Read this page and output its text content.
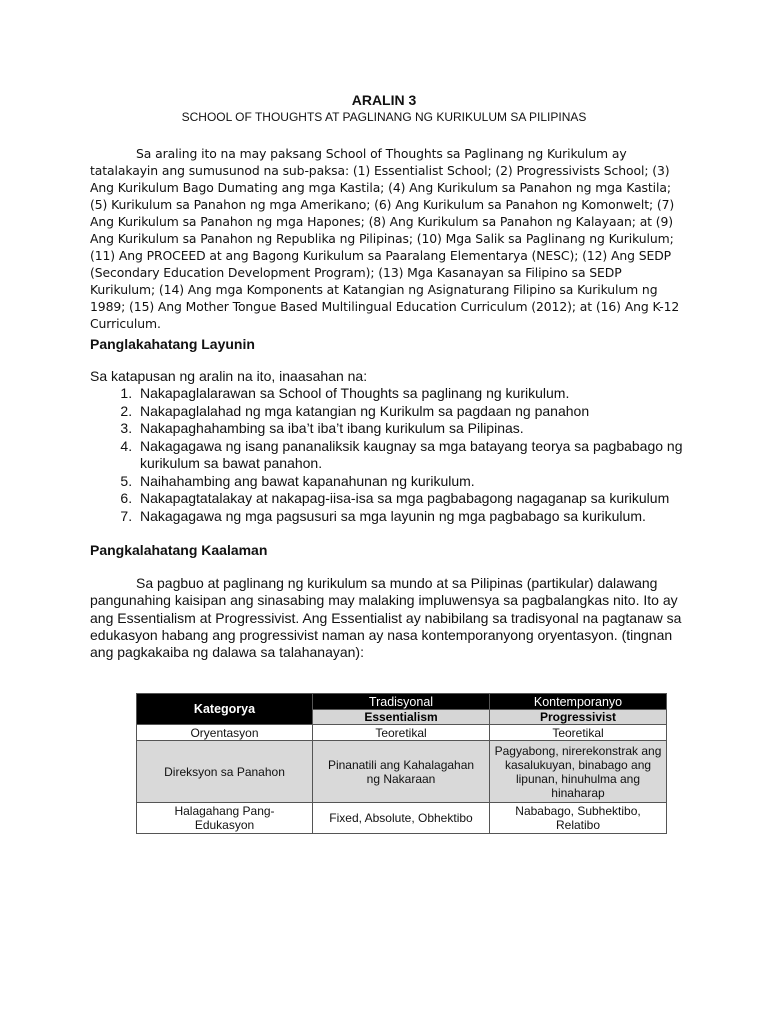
ARALIN 3
SCHOOL OF THOUGHTS AT PAGLINANG NG KURIKULUM SA PILIPINAS

Sa araling ito na may paksang School of Thoughts sa Paglinang ng Kurikulum ay tatalakayin ang sumusunod na sub-paksa: (1) Essentialist School; (2) Progressivists School; (3) Ang Kurikulum Bago Dumating ang mga Kastila; (4) Ang Kurikulum sa Panahon ng mga Kastila; (5) Kurikulum sa Panahon ng mga Amerikano; (6) Ang Kurikulum sa Panahon ng Komonwelt; (7) Ang Kurikulum sa Panahon ng mga Hapones; (8) Ang Kurikulum sa Panahon ng Kalayaan; at (9) Ang Kurikulum sa Panahon ng Republika ng Pilipinas; (10) Mga Salik sa Paglinang ng Kurikulum; (11) Ang PROCEED at ang Bagong Kurikulum sa Paaralang Elementarya (NESC); (12) Ang SEDP (Secondary Education Development Program); (13) Mga Kasanayan sa Filipino sa SEDP Kurikulum; (14) Ang mga Komponents at Katangian ng Asignaturang Filipino sa Kurikulum ng 1989; (15) Ang Mother Tongue Based Multilingual Education Curriculum (2012); at (16) Ang K-12 Curriculum.

Panglakahatang Layunin
Sa katapusan ng aralin na ito, inaasahan na:
1. Nakapaglalarawan sa School of Thoughts sa paglinang ng kurikulum.
2. Nakapaglalahad ng mga katangian ng Kurikulm sa pagdaan ng panahon
3. Nakapaghahambing sa iba’t iba’t ibang kurikulum sa Pilipinas.
4. Nakagagawa ng isang pananaliksik kaugnay sa mga batayang teorya sa pagbabago ng kurikulum sa bawat panahon.
5. Naihahambing ang bawat kapanahunan ng kurikulum.
6. Nakapagtatalakay at nakapag-iisa-isa sa mga pagbabagong nagaganap sa kurikulum
7. Nakagagawa ng mga pagsusuri sa mga layunin ng mga pagbabago sa kurikulum.
Pangkalahatang Kaalaman

Sa pagbuo at paglinang ng kurikulum sa mundo at sa Pilipinas (partikular) dalawang pangunahing kaisipan ang sinasabing may malaking impluwensya sa pagbalangkas nito. Ito ay ang Essentialism at Progressivist. Ang Essentialist ay nabibilang sa tradisyonal na pagtanaw sa edukasyon habang ang progressivist naman ay nasa kontemporanyong oryentasyon. (tingnan ang pagkakaiba ng dalawa sa talahanayan):

Kategorya	Tradisyonal	Kontemporanyo
	Essentialism	Progressivist
Oryentasyon	Teoretikal	Teoretikal
Direksyon sa Panahon	Pinanatili ang Kahalagahan ng Nakaraan	Pagyabong, nirerekonstrak ang kasalukuyan, binabago ang lipunan, hinuhulma ang hinaharap
Halagahang Pang-Edukasyon	Fixed, Absolute, Obhektibo	Nababago, Subhektibo, Relatibo
